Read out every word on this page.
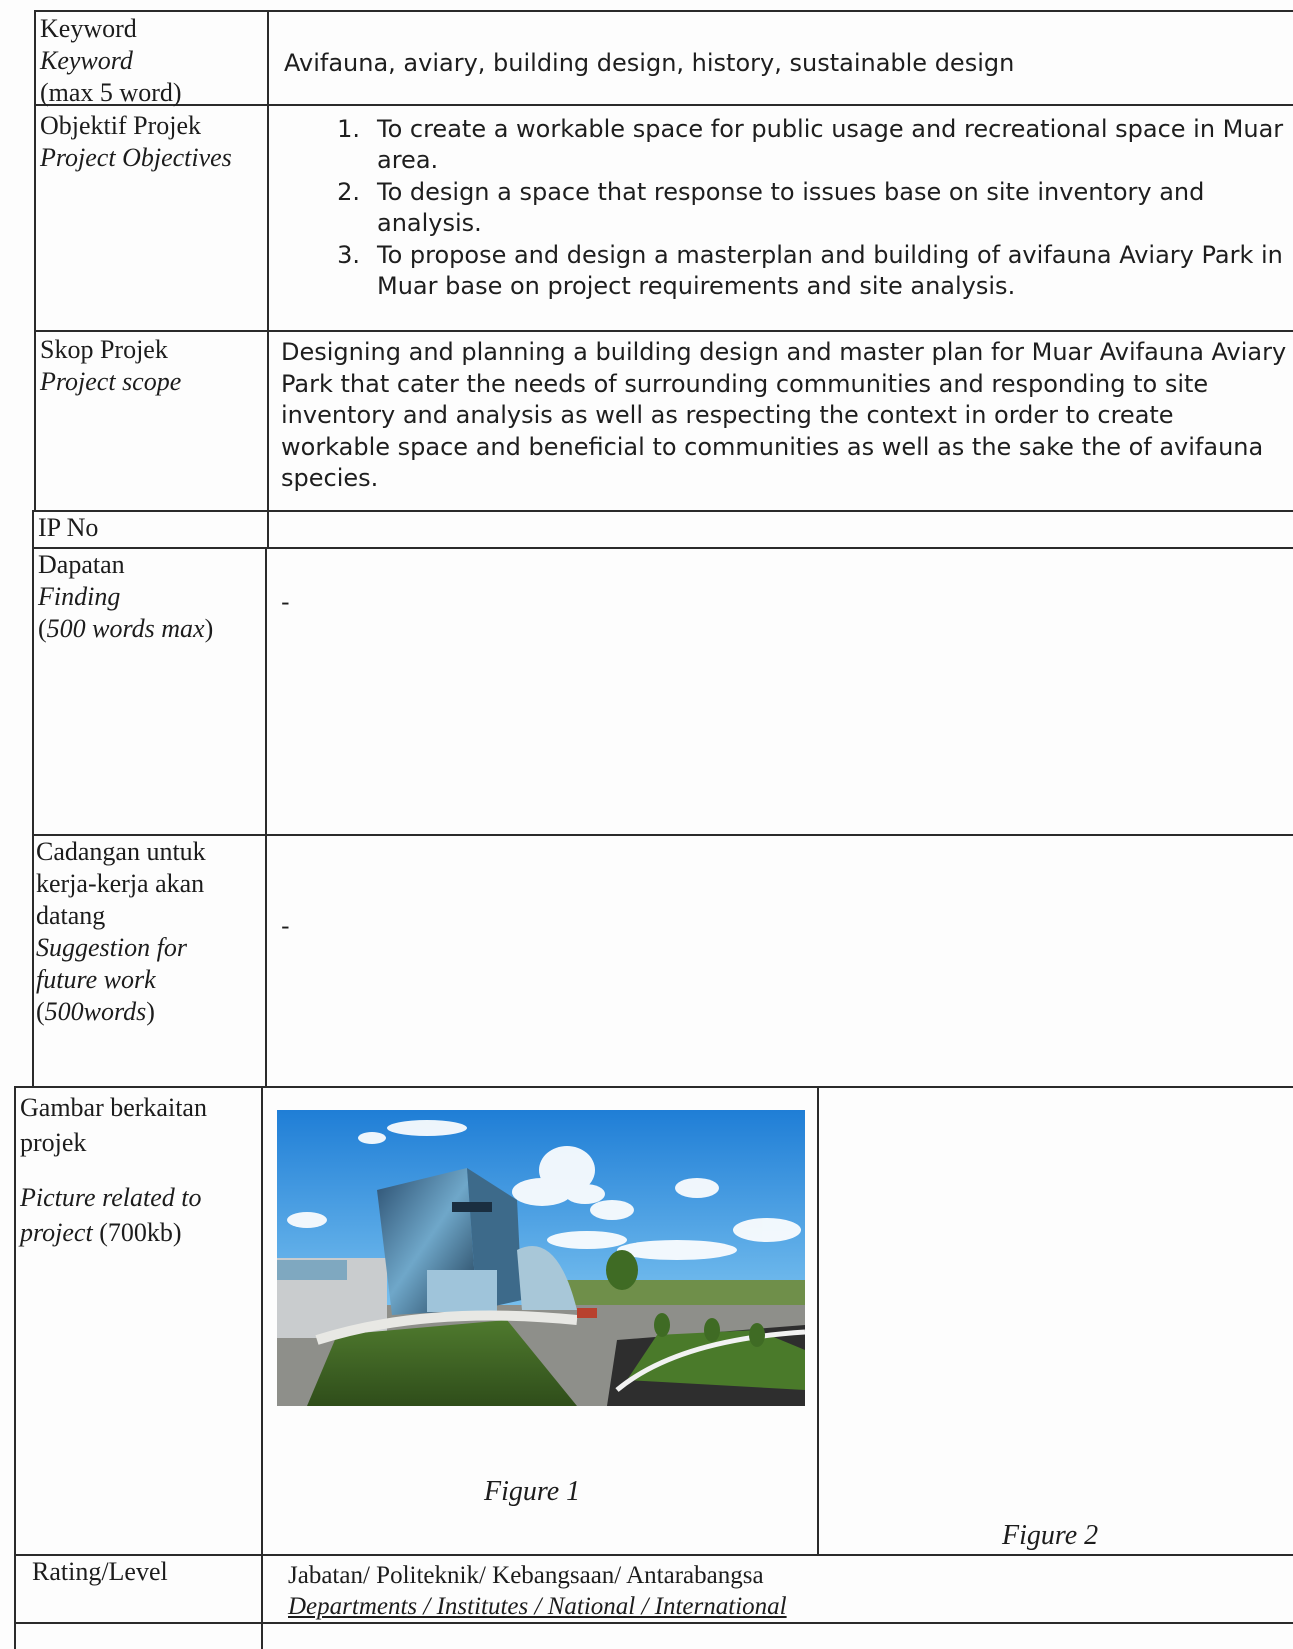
Keyword
Keyword
(max 5 word)
Avifauna, aviary, building design, history, sustainable design
Objektif Projek
Project Objectives
1. To create a workable space for public usage and recreational space in Muar area.
2. To design a space that response to issues base on site inventory and analysis.
3. To propose and design a masterplan and building of avifauna Aviary Park in Muar base on project requirements and site analysis.
Skop Projek
Project scope
Designing and planning a building design and master plan for Muar Avifauna Aviary Park that cater the needs of surrounding communities and responding to site inventory and analysis as well as respecting the context in order to create workable space and beneficial to communities as well as the sake the of avifauna species.
IP No
Dapatan
Finding
(500 words max)
-
Cadangan untuk
kerja-kerja akan
datang
Suggestion for
future work
(500words)
-
Gambar berkaitan
projek
Picture related to
project (700kb)
Figure 1
Figure 2
Rating/Level	Jabatan/ Politeknik/ Kebangsaan/ Antarabangsa
Departments / Institutes / National / International
